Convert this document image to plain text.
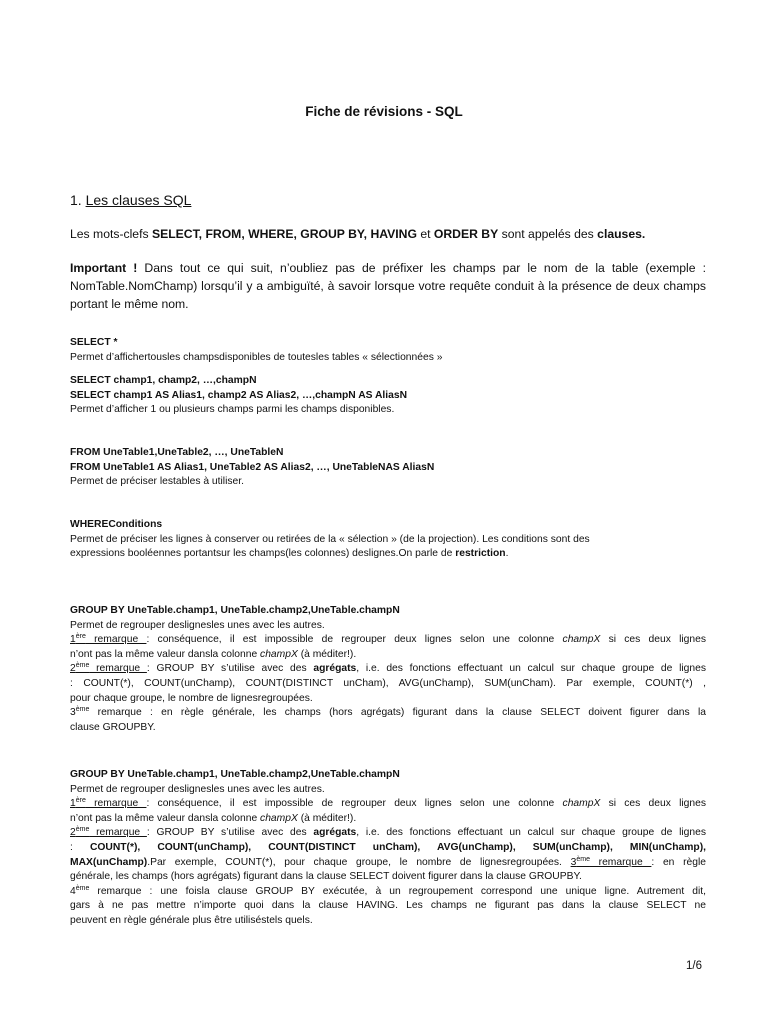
Fiche de révisions - SQL
1. Les clauses SQL
Les mots-clefs SELECT, FROM, WHERE, GROUP BY, HAVING et ORDER BY sont appelés des clauses.
Important ! Dans tout ce qui suit, n’oubliez pas de préfixer les champs par le nom de la table (exemple : NomTable.NomChamp) lorsqu’il y a ambiguïté, à savoir lorsque votre requête conduit à la présence de deux champs portant le même nom.
SELECT *
Permet d’affichertousles champsdisponibles de toutesles tables « sélectionnées »
SELECT champ1, champ2, …,champN
SELECT champ1 AS Alias1, champ2 AS Alias2, …,champN AS AliasN
Permet d’afficher 1 ou plusieurs champs parmi les champs disponibles.
FROM UneTable1,UneTable2, …, UneTableN
FROM UneTable1 AS Alias1, UneTable2 AS Alias2, …, UneTableNAS AliasN
Permet de préciser lestables à utiliser.
WHEREConditions
Permet de préciser les lignes à conserver ou retirées de la « sélection » (de la projection). Les conditions sont des
expressions booléennes portantsur les champs(les colonnes) deslignes.On parle de restriction.
GROUP BY UneTable.champ1, UneTable.champ2,UneTable.champN
Permet de regrouper deslignesles unes avec les autres.
1ère remarque : conséquence, il est impossible de regrouper deux lignes selon une colonne champX si ces deux lignes
n’ont pas la même valeur dansla colonne champX (à méditer!).
2ème remarque : GROUP BY s’utilise avec des agrégats, i.e. des fonctions effectuant un calcul sur chaque groupe de lignes
: COUNT(*), COUNT(unChamp), COUNT(DISTINCT unCham), AVG(unChamp), SUM(unCham). Par exemple, COUNT(*) ,
pour chaque groupe, le nombre de lignesregroupées.
3ème remarque : en règle générale, les champs (hors agrégats) figurant dans la clause SELECT doivent figurer dans la
clause GROUPBY.
GROUP BY UneTable.champ1, UneTable.champ2,UneTable.champN
Permet de regrouper deslignesles unes avec les autres.
1ère remarque : conséquence, il est impossible de regrouper deux lignes selon une colonne champX si ces deux lignes
n’ont pas la même valeur dansla colonne champX (à méditer!).
2ème remarque : GROUP BY s’utilise avec des agrégats, i.e. des fonctions effectuant un calcul sur chaque groupe de lignes
: COUNT(*), COUNT(unChamp), COUNT(DISTINCT unCham), AVG(unChamp), SUM(unChamp), MIN(unChamp),
MAX(unChamp).Par exemple, COUNT(*), pour chaque groupe, le nombre de lignesregroupées. 3ème remarque : en règle
générale, les champs (hors agrégats) figurant dans la clause SELECT doivent figurer dans la clause GROUPBY.
4ème remarque : une foisla clause GROUP BY exécutée, à un regroupement correspond une unique ligne. Autrement dit,
gars à ne pas mettre n’importe quoi dans la clause HAVING. Les champs ne figurant pas dans la clause SELECT ne
peuvent en règle générale plus être utiliséstels quels.
1/6
